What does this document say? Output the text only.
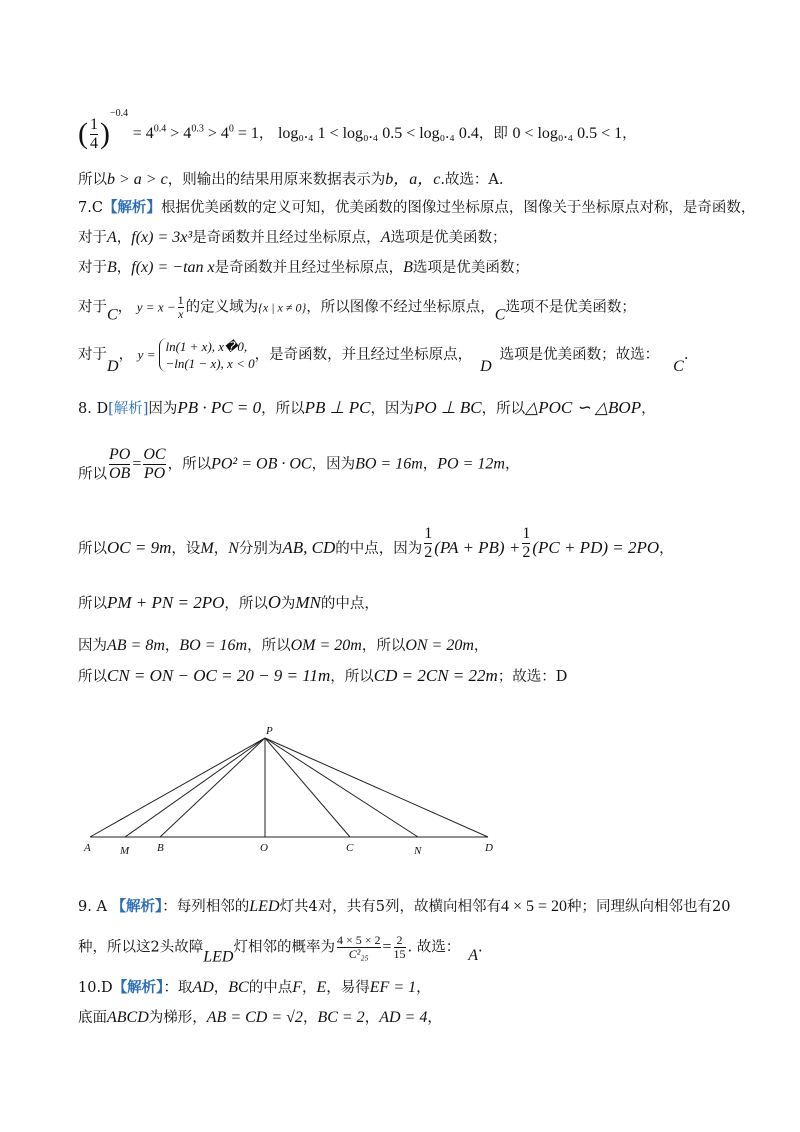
( $\frac{1}{4} )^{-0.4} = 4^{0.4} > 4^{0.3} > 4^0 = 1$， log₀.₄ 1 < log₀.₄ 0.5 < log₀.₄ 0.4，即 0 < log₀.₄ 0.5 < 1，
所以b > a > c，则输出的结果用原来数据表示为b，a，c.故选：A.
7.C【解析】根据优美函数的定义可知，优美函数的图像过坐标原点，图像关于坐标原点对称，是奇函数，
对于A，f(x) = 3x³是奇函数并且经过坐标原点，A选项是优美函数；
对于B，f(x) = −tan x是奇函数并且经过坐标原点，B选项是优美函数；
对于C， $y = x - \frac{1}{x}$ 的定义域为{x | x ≠ 0}，所以图像不经过坐标原点，C选项不是优美函数；
对于D， y =
ln(1 + x), x�0,
−ln(1 − x), x < 0
，是奇函数，并且经过坐标原点，D选项是优美函数；故选：C.
8. D[解析]因为PB · PC = 0，所以PB ⊥ PC，因为PO ⊥ BC，所以△POC ∽ △BOP，
所以 $\frac{PO}{OB} = \frac{OC}{PO}$ ，所以PO² = OB · OC，因为BO = 16m，PO = 12m，
所以OC = 9m，设M，N分别为AB, CD的中点，因为 $\frac{1}{2} (PA + PB) + \frac{1}{2} (PC + PD) = 2PO$，
所以PM + PN = 2PO，所以O为MN的中点，
因为AB = 8m，BO = 16m，所以OM = 20m，所以ON = 20m，
所以CN = ON − OC = 20 − 9 = 11m，所以CD = 2CN = 22m；故选：D
P
A	M	B	O	C	N	D
9. A 【解析】：每列相邻的LED灯共4对，共有5列，故横向相邻有4 × 5 = 20种；同理纵向相邻也有20
种，所以这2头故障LED灯相邻的概率为 $\frac{4 \times 5 \times 2}{\text{C²₂₅}} = \frac{2}{15}$ . 故选： A.
10.D【解析】：取AD，BC的中点F，E，易得EF = 1，
底面ABCD为梯形，AB = CD = √2，BC = 2，AD = 4，
